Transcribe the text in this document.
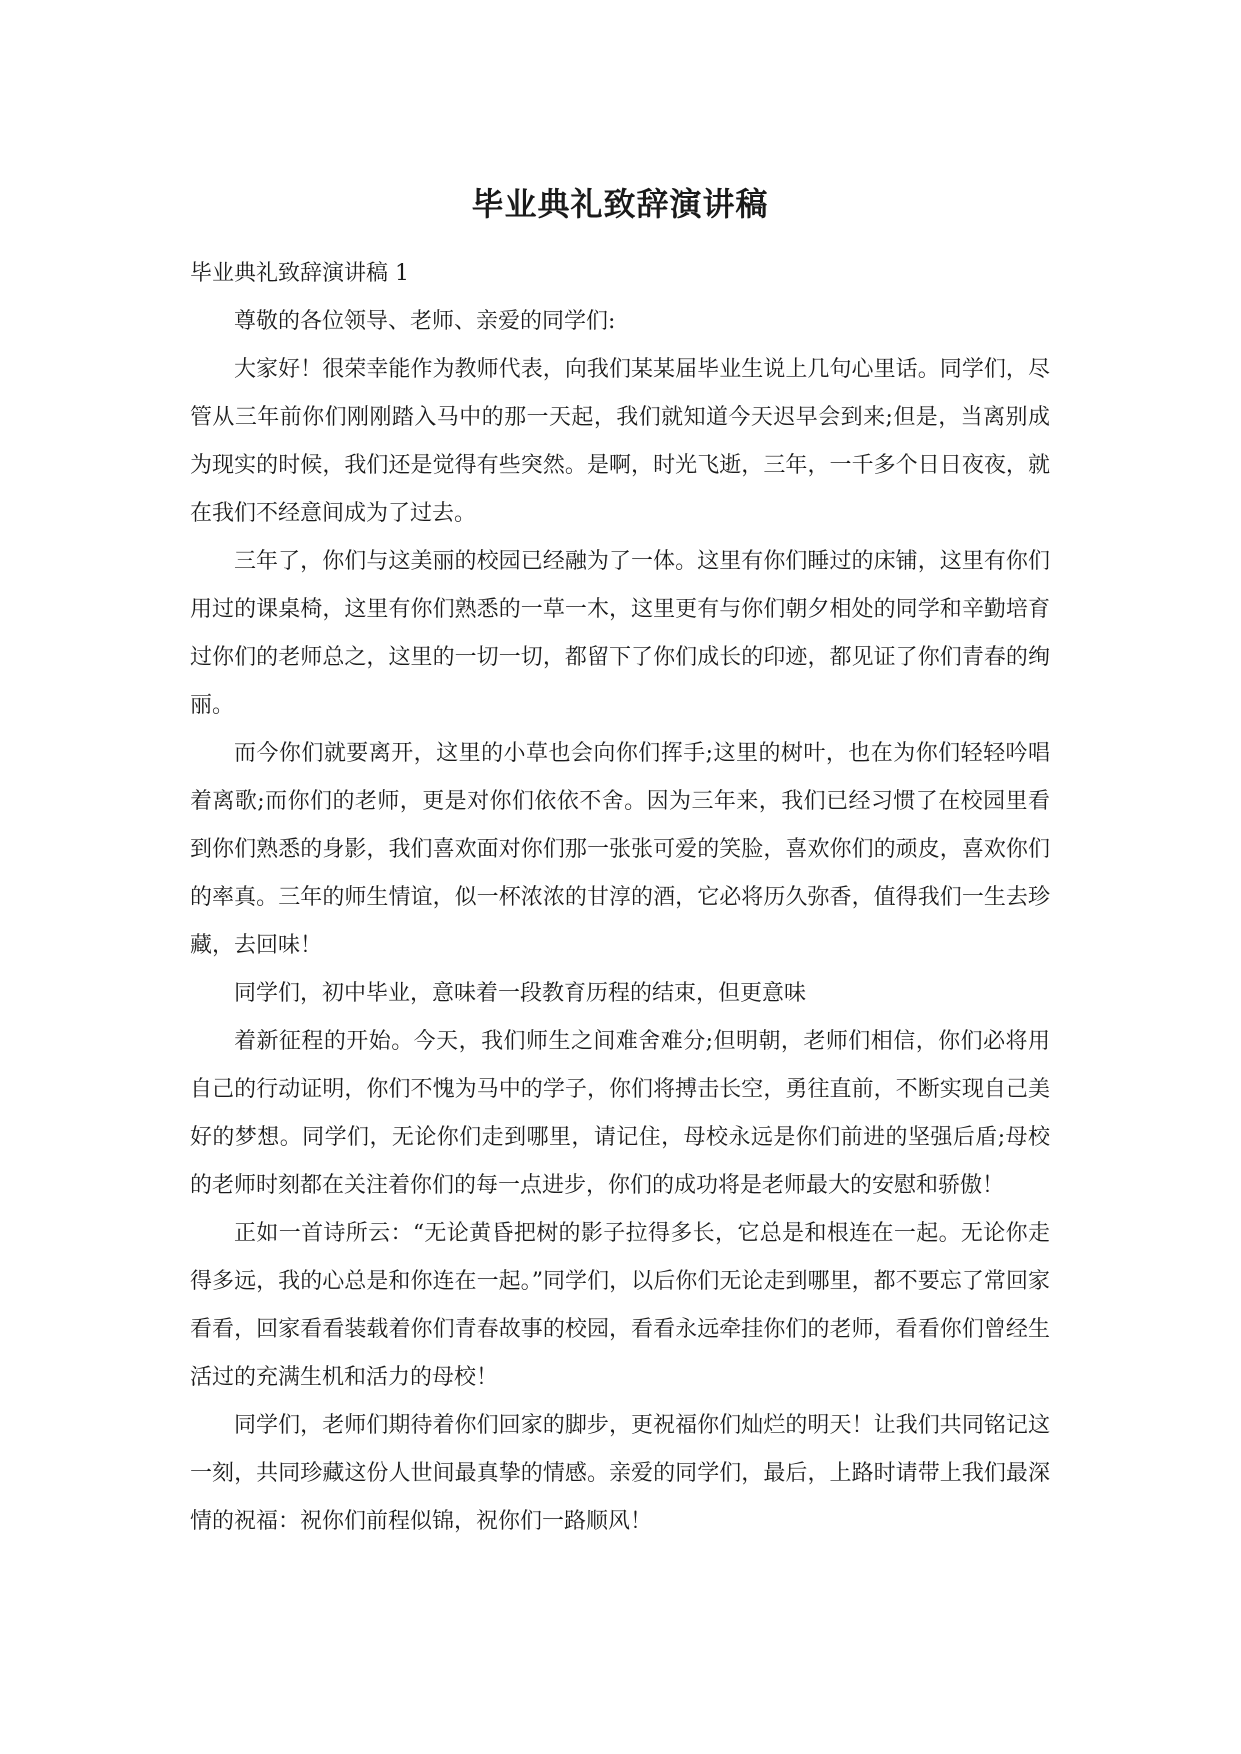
毕业典礼致辞演讲稿

毕业典礼致辞演讲稿 1

尊敬的各位领导、老师、亲爱的同学们:

大家好！很荣幸能作为教师代表，向我们某某届毕业生说上几句心里话。同学们，尽管从三年前你们刚刚踏入马中的那一天起，我们就知道今天迟早会到来;但是，当离别成为现实的时候，我们还是觉得有些突然。是啊，时光飞逝，三年，一千多个日日夜夜，就在我们不经意间成为了过去。

三年了，你们与这美丽的校园已经融为了一体。这里有你们睡过的床铺，这里有你们用过的课桌椅，这里有你们熟悉的一草一木，这里更有与你们朝夕相处的同学和辛勤培育过你们的老师总之，这里的一切一切，都留下了你们成长的印迹，都见证了你们青春的绚丽。

而今你们就要离开，这里的小草也会向你们挥手;这里的树叶，也在为你们轻轻吟唱着离歌;而你们的老师，更是对你们依依不舍。因为三年来，我们已经习惯了在校园里看到你们熟悉的身影，我们喜欢面对你们那一张张可爱的笑脸，喜欢你们的顽皮，喜欢你们的率真。三年的师生情谊，似一杯浓浓的甘淳的酒，它必将历久弥香，值得我们一生去珍藏，去回味！

同学们，初中毕业，意味着一段教育历程的结束，但更意味

着新征程的开始。今天，我们师生之间难舍难分;但明朝，老师们相信，你们必将用自己的行动证明，你们不愧为马中的学子，你们将搏击长空，勇往直前，不断实现自己美好的梦想。同学们，无论你们走到哪里，请记住，母校永远是你们前进的坚强后盾;母校的老师时刻都在关注着你们的每一点进步，你们的成功将是老师最大的安慰和骄傲！

正如一首诗所云：“无论黄昏把树的影子拉得多长，它总是和根连在一起。无论你走得多远，我的心总是和你连在一起。”同学们，以后你们无论走到哪里，都不要忘了常回家看看，回家看看装载着你们青春故事的校园，看看永远牵挂你们的老师，看看你们曾经生活过的充满生机和活力的母校！

同学们，老师们期待着你们回家的脚步，更祝福你们灿烂的明天！让我们共同铭记这一刻，共同珍藏这份人世间最真挚的情感。亲爱的同学们，最后，上路时请带上我们最深情的祝福：祝你们前程似锦，祝你们一路顺风！
